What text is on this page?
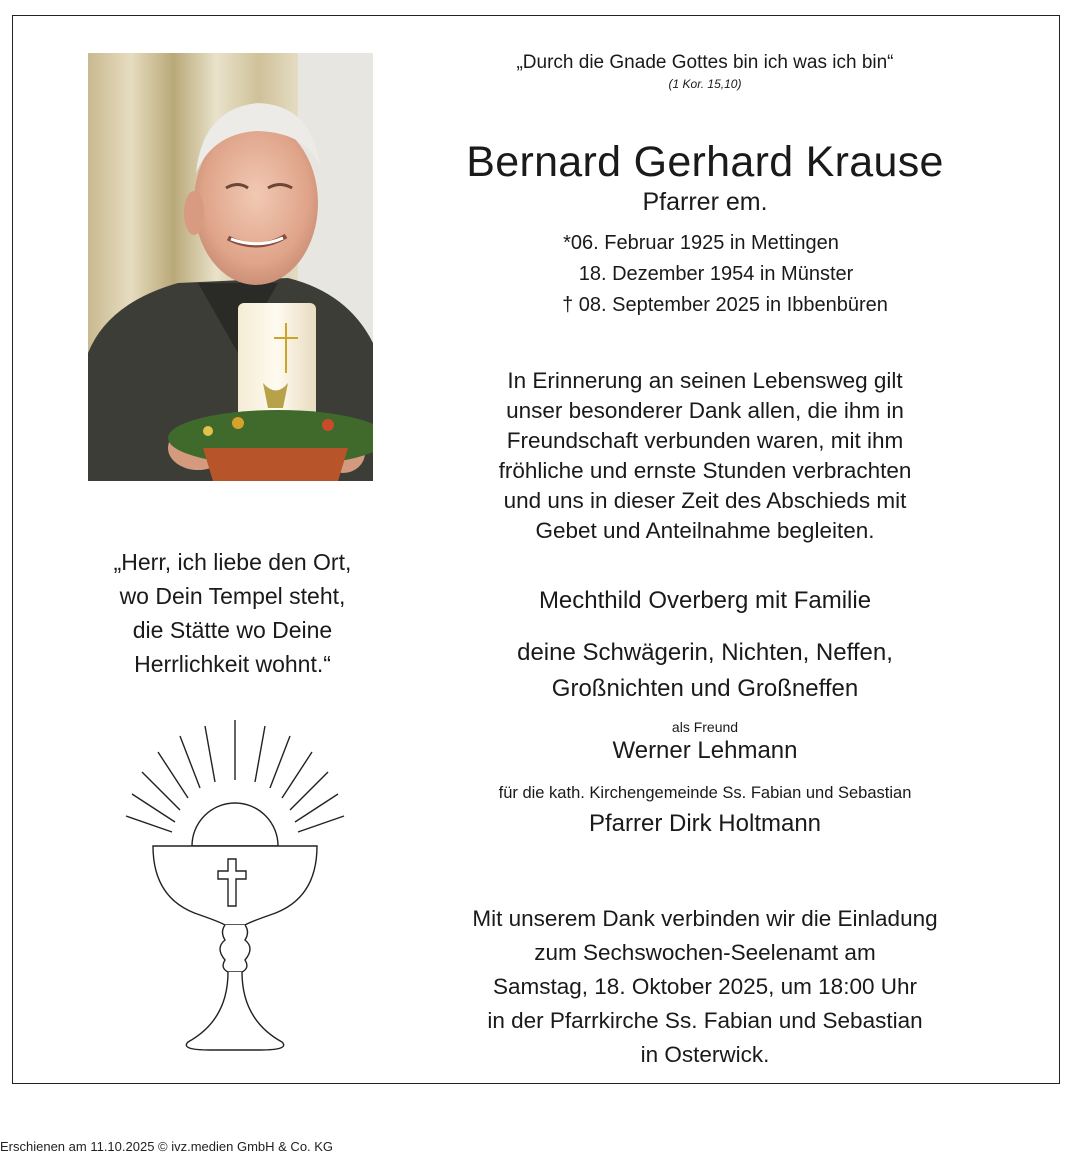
„Herr, ich liebe den Ort,
wo Dein Tempel steht,
die Stätte wo Deine
Herrlichkeit wohnt.“
„Durch die Gnade Gottes bin ich was ich bin“
(1 Kor. 15,10)
Bernard Gerhard Krause
Pfarrer em.
*06. Februar 1925 in Mettingen
18. Dezember 1954 in Münster
† 08. September 2025 in Ibbenbüren
In Erinnerung an seinen Lebensweg gilt
unser besonderer Dank allen, die ihm in
Freundschaft verbunden waren, mit ihm
fröhliche und ernste Stunden verbrachten
und uns in dieser Zeit des Abschieds mit
Gebet und Anteilnahme begleiten.
Mechthild Overberg mit Familie
deine Schwägerin, Nichten, Neffen,
Großnichten und Großneffen
als Freund
Werner Lehmann
für die kath. Kirchengemeinde Ss. Fabian und Sebastian
Pfarrer Dirk Holtmann
Mit unserem Dank verbinden wir die Einladung
zum Sechswochen-Seelenamt am
Samstag, 18. Oktober 2025, um 18:00 Uhr
in der Pfarrkirche Ss. Fabian und Sebastian
in Osterwick.
Erschienen am 11.10.2025 © ivz.medien GmbH & Co. KG
